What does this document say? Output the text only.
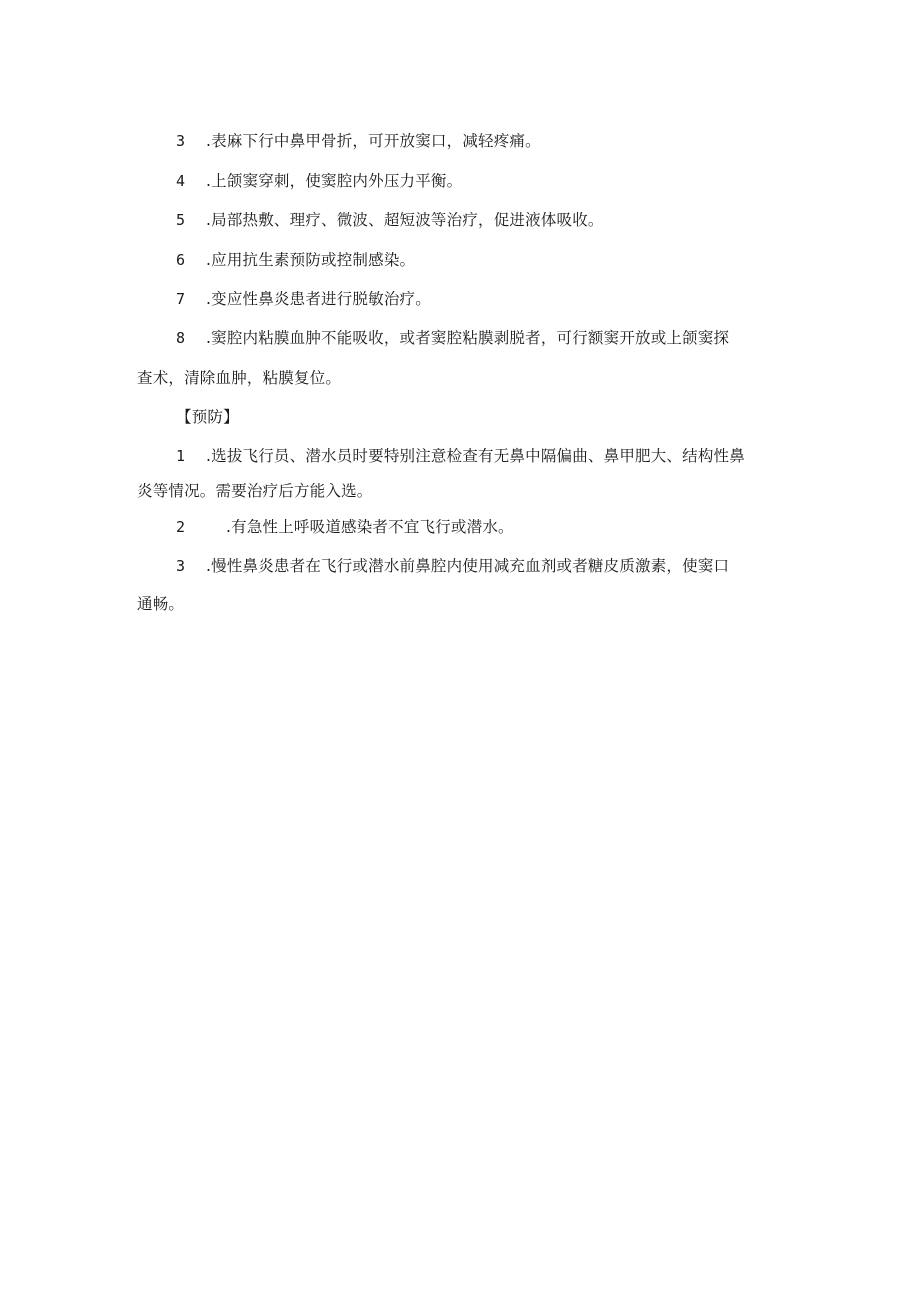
3 .表麻下行中鼻甲骨折，可开放窦口，减轻疼痛。
4 .上颌窦穿刺，使窦腔内外压力平衡。
5 .局部热敷、理疗、微波、超短波等治疗，促进液体吸收。
6 .应用抗生素预防或控制感染。
7 .变应性鼻炎患者进行脱敏治疗。
8 .窦腔内粘膜血肿不能吸收，或者窦腔粘膜剥脱者，可行额窦开放或上颌窦探
查术，清除血肿，粘膜复位。
【预防】
1 .选拔飞行员、潜水员时要特别注意检查有无鼻中隔偏曲、鼻甲肥大、结构性鼻
炎等情况。需要治疗后方能入选。
2	.有急性上呼吸道感染者不宜飞行或潜水。
3 .慢性鼻炎患者在飞行或潜水前鼻腔内使用减充血剂或者糖皮质激素，使窦口
通畅。
